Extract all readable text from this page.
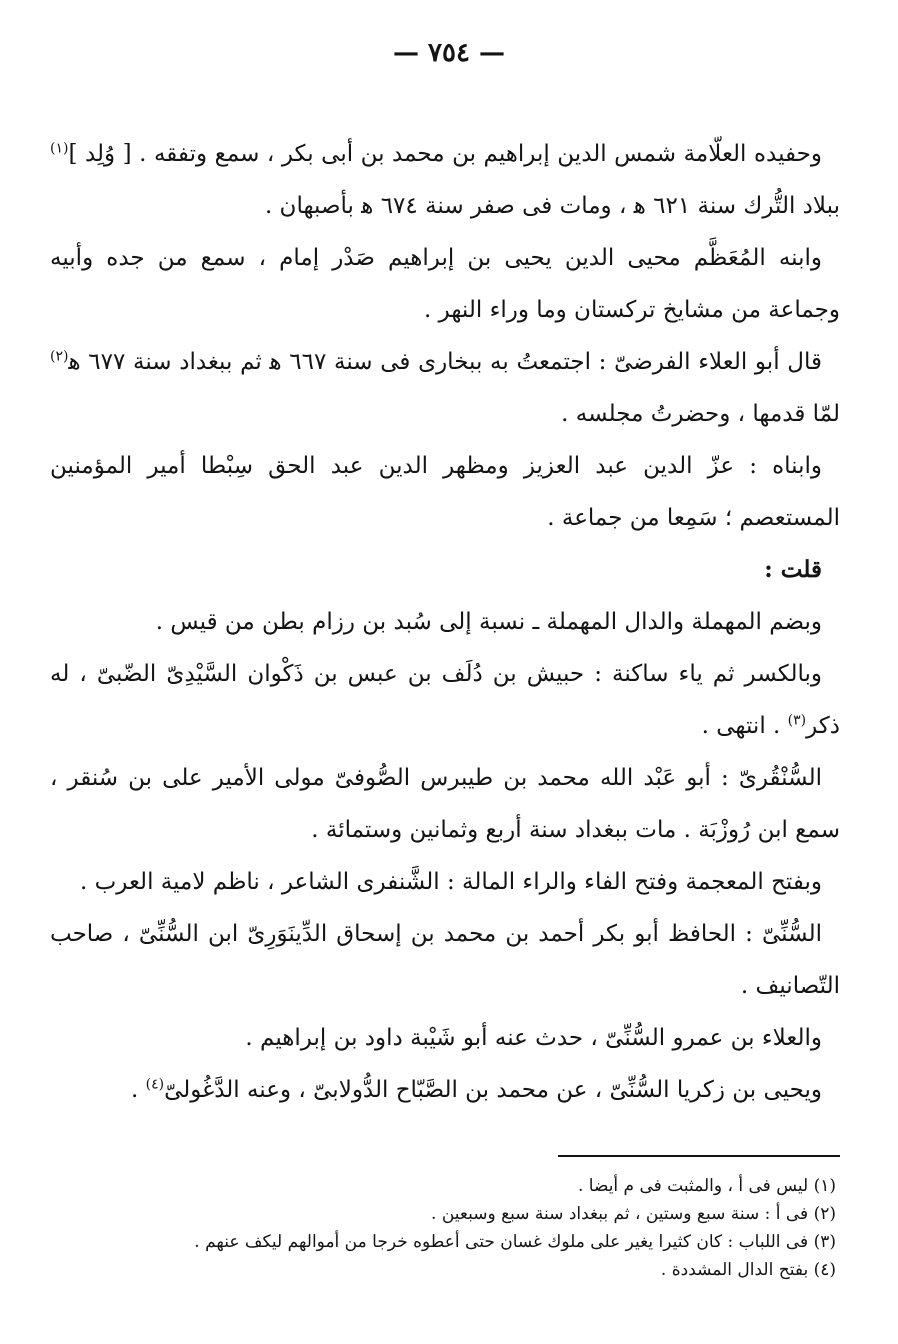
— ٧٥٤ —

وحفيده العلّامة شمس الدين إبراهيم بن محمد بن أبى بكر ، سمع وتفقه . [ وُلِد ]$^{(١)}$ ببلاد التُّرك سنة ٦٢١ ﻫ ، ومات فى صفر سنة ٦٧٤ ﻫ بأصبهان .

وابنه المُعَظَّم محيى الدين يحيى بن إبراهيم صَدْر إمام ، سمع من جده وأبيه وجماعة من مشايخ تركستان وما وراء النهر .

قال أبو العلاء الفرضىّ : اجتمعتُ به ببخارى فى سنة ٦٦٧ ﻫ ثم ببغداد سنة ٦٧٧ ﻫ$^{(٢)}$ لمّا قدمها ، وحضرتُ مجلسه .

وابناه : عزّ الدين عبد العزيز ومظهر الدين عبد الحق سِبْطا أمير المؤمنين المستعصم ؛ سَمِعا من جماعة .

قلت :

وبضم المهملة والدال المهملة ـ نسبة إلى سُبد بن رزام بطن من قيس .

وبالكسر ثم ياء ساكنة : حبيش بن دُلَف بن عبس بن ذَكْوان السَّيْدِىّ الضّبىّ ، له ذكر$^{(٣)}$ . انتهى .

السُّنْقُرىّ : أبو عَبْد الله محمد بن طيبرس الصُّوفىّ مولى الأمير على بن سُنقر ، سمع ابن رُوزْبَة . مات ببغداد سنة أربع وثمانين وستمائة .

وبفتح المعجمة وفتح الفاء والراء المالة : الشَّنفرى الشاعر ، ناظم لامية العرب .

السُّنِّىّ : الحافظ أبو بكر أحمد بن محمد بن إسحاق الدِّينَوَرِىّ ابن السُّنِّىّ ، صاحب التّصانيف .

والعلاء بن عمرو السُّنِّىّ ، حدث عنه أبو شَيْبة داود بن إبراهيم .

ويحيى بن زكريا السُّنِّىّ ، عن محمد بن الصَّبّاح الدُّولابىّ ، وعنه الدَّغُولىّ$^{(٤)}$ .

(١) ليس فى أ ، والمثبت فى م أيضا .

(٢) فى أ : سنة سبع وستين ، ثم ببغداد سنة سبع وسبعين .

(٣) فى اللباب : كان كثيرا يغير على ملوك غسان حتى أعطوه خرجا من أموالهم ليكف عنهم .

(٤) بفتح الدال المشددة .
